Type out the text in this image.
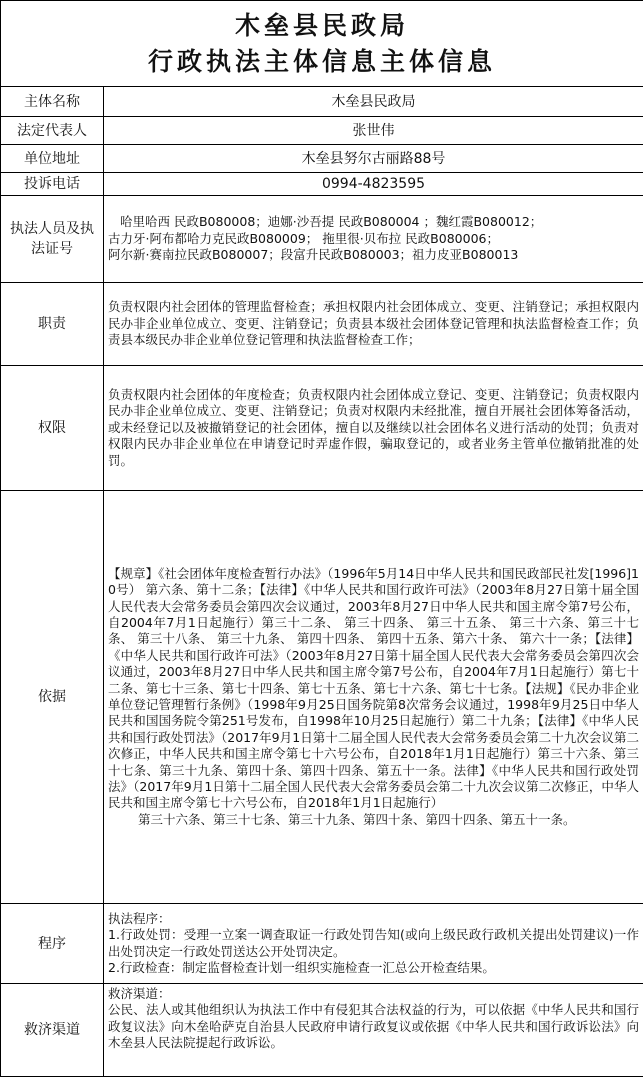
木垒县民政局
行政执法主体信息主体信息	

主体名称	木垒县民政局
法定代表人	张世伟
单位地址	木垒县努尔古丽路88号
投诉电话	0994-4823595

执法人员及执
法证号	哈里哈西 民政B080008；迪娜·沙吾提 民政B080004 ；魏红霞B080012；
古力牙·阿布都哈力克民政B080009； 拖里很·贝布拉 民政B080006；
阿尔新·赛南拉民政B080007；段富升民政B080003；祖力皮亚B080013

职责	负责权限内社会团体的管理监督检查；承担权限内社会团体成立、变更、注销登记；承担权限内民办非企业单位成立、变更、注销登记；负责县本级社会团体登记管理和执法监督检查工作；负责县本级民办非企业单位登记管理和执法监督检查工作；
权限	负责权限内社会团体的年度检查；负责权限内社会团体成立登记、变更、注销登记；负责权限内民办非企业单位成立、变更、注销登记；负责对权限内未经批准，擅自开展社会团体筹备活动，或未经登记以及被撤销登记的社会团体，擅自以及继续以社会团体名义进行活动的处罚；负责对权限内民办非企业单位在申请登记时弄虚作假，骗取登记的，或者业务主管单位撤销批准的处罚。
依据	【规章】《社会团体年度检查暂行办法》（1996年5月14日中华人民共和国民政部民社发[1996]10号） 第六条、第十二条；【法律】《中华人民共和国行政许可法》（2003年8月27日第十届全国人民代表大会常务委员会第四次会议通过，2003年8月27日中华人民共和国主席令第7号公布，自2004年7月1日起施行）第三十二条、 第三十四条、 第三十五条、 第三十六条、第三十七条、 第三十八条、 第三十九条、 第四十四条、 第四十五条、第六十条、 第六十一条；【法律】《中华人民共和国行政许可法》（2003年8月27日第十届全国人民代表大会常务委员会第四次会议通过，2003年8月27日中华人民共和国主席令第7号公布，自2004年7月1日起施行）第七十二条、第七十三条、第七十四条、第七十五条、第七十六条、第七十七条。【法规】《民办非企业单位登记管理暂行条例》（1998年9月25日国务院第8次常务会议通过，1998年9月25日中华人民共和国国务院令第251号发布，自1998年10月25日起施行）第二十九条；【法律】《中华人民共和国行政处罚法》（2017年9月1日第十二届全国人民代表大会常务委员会第二十九次会议第二次修正，中华人民共和国主席令第七十六号公布，自2018年1月1日起施行）第三十六条、第三十七条、第三十九条、第四十条、第四十四条、第五十一条。法律】《中华人民共和国行政处罚法》（2017年9月1日第十二届全国人民代表大会常务委员会第二十九次会议第二次修正，中华人民共和国主席令第七十六号公布，自2018年1月1日起施行）
第三十六条、第三十七条、第三十九条、第四十条、第四十四条、第五十一条。

程序	执法程序：
1.行政处罚：受理一立案一调查取证一行政处罚告知(或向上级民政行政机关提出处罚建议)一作出处罚决定一行政处罚送达公开处罚决定。
2.行政检查：制定监督检查计划一组织实施检查一汇总公开检查结果。

救济渠道	救济渠道：
公民、法人或其他组织认为执法工作中有侵犯其合法权益的行为，可以依据《中华人民共和国行政复议法》向木垒哈萨克自治县人民政府申请行政复议或依据《中华人民共和国行政诉讼法》向木垒县人民法院提起行政诉讼。
